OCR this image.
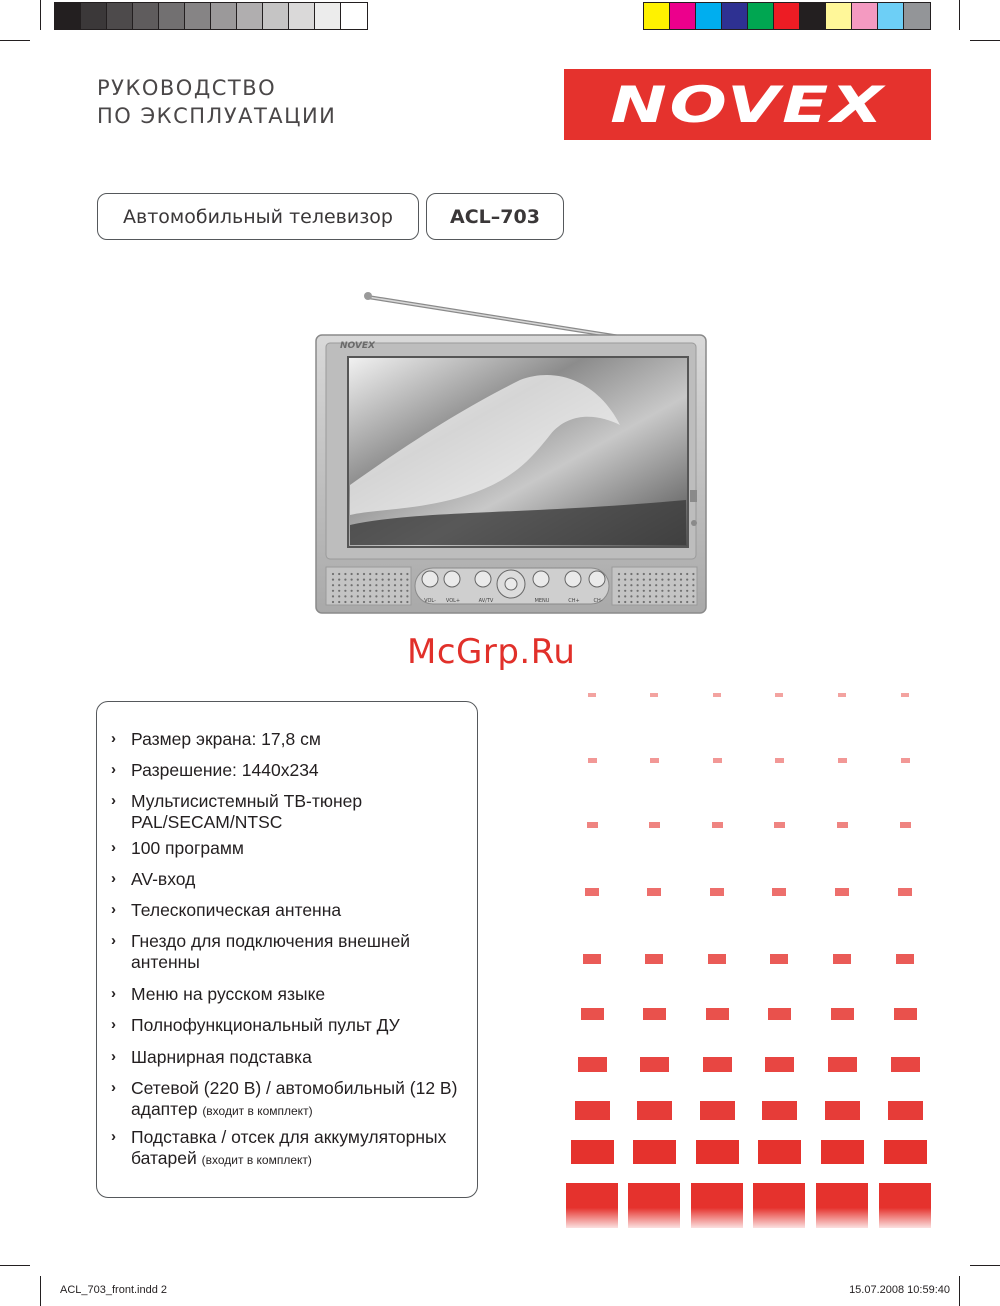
РУКОВОДСТВО
ПО ЭКСПЛУАТАЦИИ	NOVEX
Автомобильный телевизор	ACL–703
NOVEX
VOL- VOL+	AV/TV	MENU	CH+	CH-
McGrp.Ru
› Размер экрана: 17,8 см
› Разрешение: 1440x234
› Мультисистемный ТВ-тюнер PAL/SECAM/NTSC
› 100 программ
› AV-вход
› Телескопическая антенна
› Гнездо для подключения внешней антенны
› Меню на русском языке
› Полнофункциональный пульт ДУ
› Шарнирная подставка
› Сетевой (220 В) / автомобильный (12 В) адаптер (входит в комплект)
› Подставка / отсек для аккумуляторных батарей (входит в комплект)
ACL_703_front.indd 2	15.07.2008 10:59:40
